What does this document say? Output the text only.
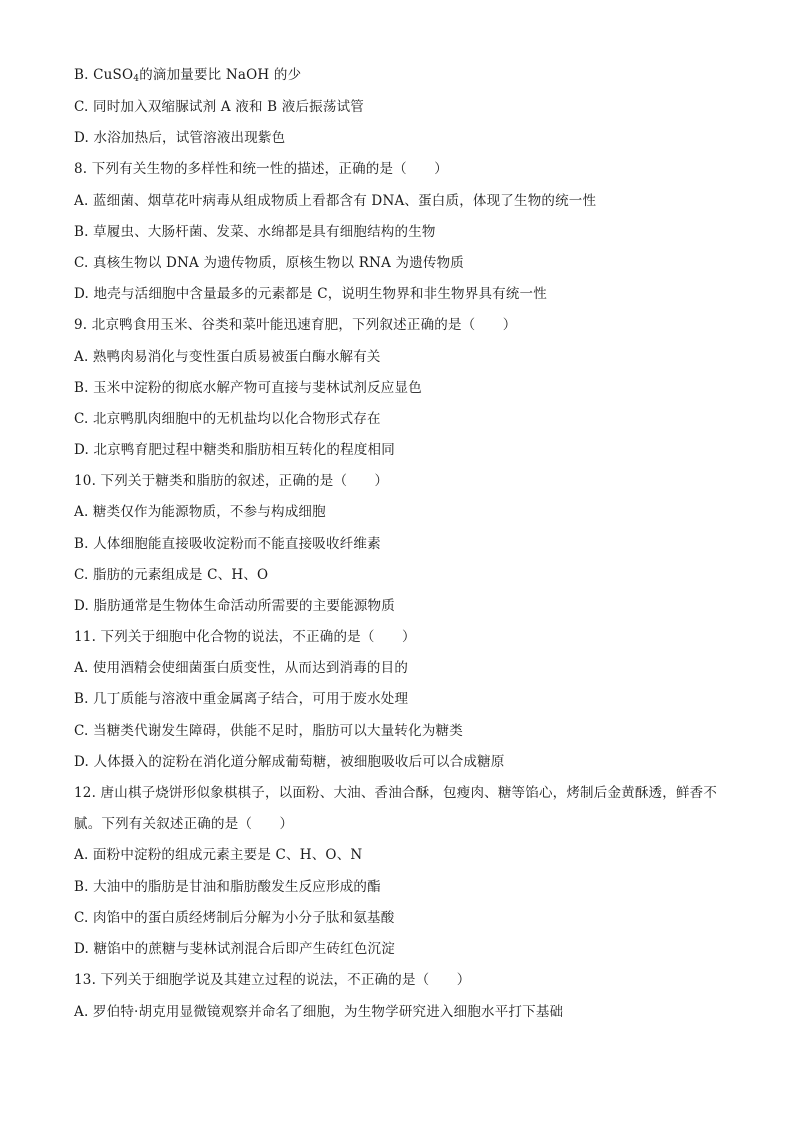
B. CuSO$_4$的滴加量要比 NaOH 的少
C. 同时加入双缩脲试剂 A 液和 B 液后振荡试管
D. 水浴加热后，试管溶液出现紫色
8. 下列有关生物的多样性和统一性的描述，正确的是（　　）
A. 蓝细菌、烟草花叶病毒从组成物质上看都含有 DNA、蛋白质，体现了生物的统一性
B. 草履虫、大肠杆菌、发菜、水绵都是具有细胞结构的生物
C. 真核生物以 DNA 为遗传物质，原核生物以 RNA 为遗传物质
D. 地壳与活细胞中含量最多的元素都是 C，说明生物界和非生物界具有统一性
9. 北京鸭食用玉米、谷类和菜叶能迅速育肥，下列叙述正确的是（　　）
A. 熟鸭肉易消化与变性蛋白质易被蛋白酶水解有关
B. 玉米中淀粉的彻底水解产物可直接与斐林试剂反应显色
C. 北京鸭肌肉细胞中的无机盐均以化合物形式存在
D. 北京鸭育肥过程中糖类和脂肪相互转化的程度相同
10. 下列关于糖类和脂肪的叙述，正确的是（　　）
A. 糖类仅作为能源物质，不参与构成细胞
B. 人体细胞能直接吸收淀粉而不能直接吸收纤维素
C. 脂肪的元素组成是 C、H、O
D. 脂肪通常是生物体生命活动所需要的主要能源物质
11. 下列关于细胞中化合物的说法，不正确的是（　　）
A. 使用酒精会使细菌蛋白质变性，从而达到消毒的目的
B. 几丁质能与溶液中重金属离子结合，可用于废水处理
C. 当糖类代谢发生障碍，供能不足时，脂肪可以大量转化为糖类
D. 人体摄入的淀粉在消化道分解成葡萄糖，被细胞吸收后可以合成糖原
12. 唐山棋子烧饼形似象棋棋子，以面粉、大油、香油合酥，包瘦肉、糖等馅心，烤制后金黄酥透，鲜香不
腻。下列有关叙述正确的是（　　）
A. 面粉中淀粉的组成元素主要是 C、H、O、N
B. 大油中的脂肪是甘油和脂肪酸发生反应形成的酯
C. 肉馅中的蛋白质经烤制后分解为小分子肽和氨基酸
D. 糖馅中的蔗糖与斐林试剂混合后即产生砖红色沉淀
13. 下列关于细胞学说及其建立过程的说法，不正确的是（　　）
A. 罗伯特·胡克用显微镜观察并命名了细胞，为生物学研究进入细胞水平打下基础
